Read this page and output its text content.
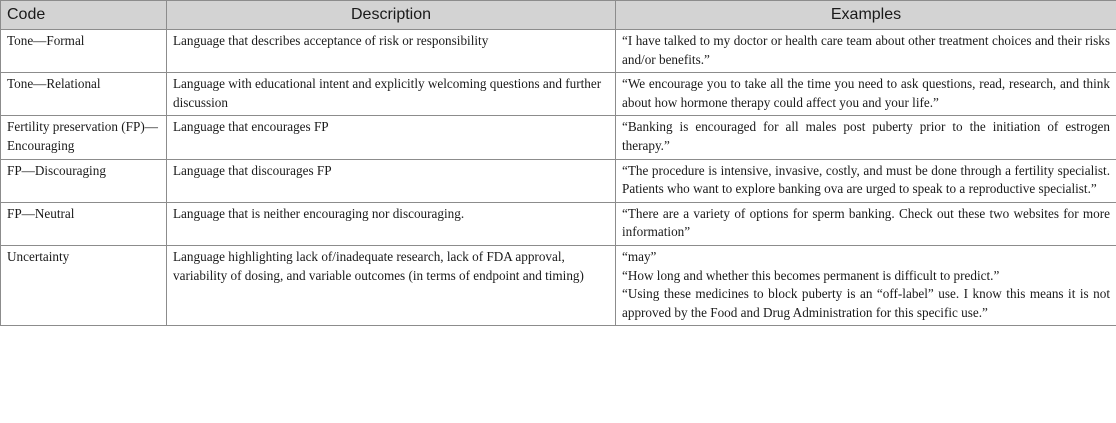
Code	Description	Examples
Tone—Formal	Language that describes acceptance of risk or responsibility	“I have talked to my doctor or health care team about other treatment choices and their risks and/or benefits.”

Tone—Relational	Language with educational intent and explicitly welcoming questions and further discussion	“We encourage you to take all the time you need to ask questions, read, research, and think about how hormone therapy could affect you and your life.”

Fertility preservation (FP)—Encouraging	Language that encourages FP	“Banking is encouraged for all males post puberty prior to the initiation of estrogen therapy.”

FP—Discouraging	Language that discourages FP	“The procedure is intensive, invasive, costly, and must be done through a fertility specialist. Patients who want to explore banking ova are urged to speak to a reproductive specialist.”

FP—Neutral	Language that is neither encouraging nor discouraging.	“There are a variety of options for sperm banking. Check out these two websites for more information”

Uncertainty	Language highlighting lack of/inadequate research, lack of FDA approval, variability of dosing, and variable outcomes (in terms of endpoint and timing)	“may”
“How long and whether this becomes permanent is difficult to predict.”
“Using these medicines to block puberty is an “off-label” use. I know this means it is not approved by the Food and Drug Administration for this specific use.”
